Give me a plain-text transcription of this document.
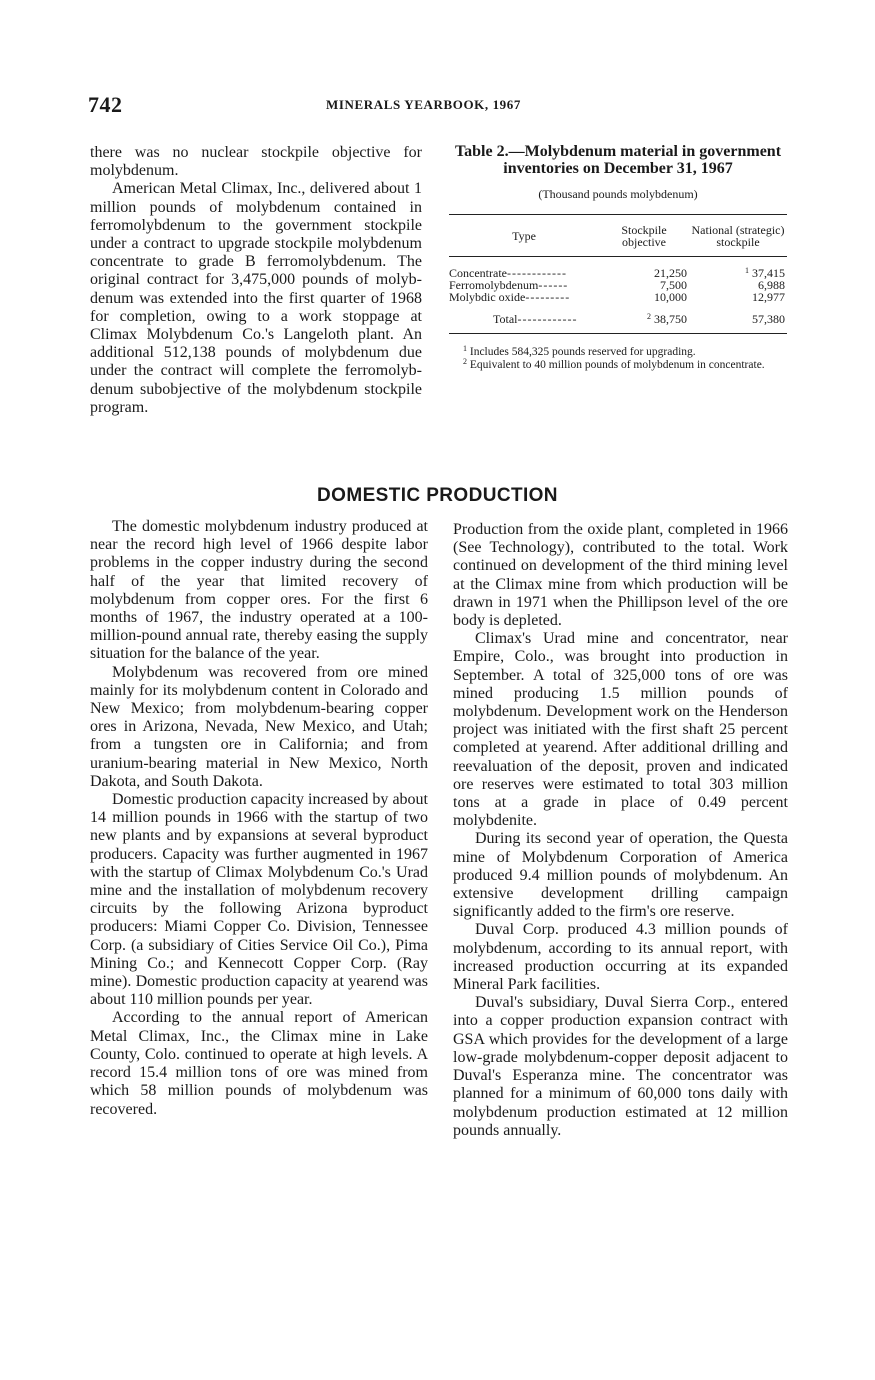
742	MINERALS YEARBOOK, 1967

there was no nuclear stockpile objective for molybdenum.

American Metal Climax, Inc., delivered about 1 million pounds of molybdenum contained in ferromolybdenum to the government stockpile under a contract to upgrade stockpile molybdenum concentrate to grade B ferromolybdenum. The original contract for 3,475,000 pounds of molybdenum was extended into the first quarter of 1968 for completion, owing to a work stoppage at Climax Molybdenum Co.'s Langeloth plant. An additional 512,138 pounds of molybdenum due under the contract will complete the ferromolybdenum subobjective of the molybdenum stockpile program.

Table 2.—Molybdenum material in government inventories on December 31, 1967
(Thousand pounds molybdenum)
Type	Stockpile objective	National (strategic) stockpile
Concentrate------------	21,250	$^1$ 37,415
Ferromolybdenum------	7,500	6,988
Molybdic oxide---------	10,000	12,977
Total------------	$^2$ 38,750	57,380

$^1$ Includes 584,325 pounds reserved for upgrading.

$^2$ Equivalent to 40 million pounds of molybdenum in concentrate.

DOMESTIC PRODUCTION

The domestic molybdenum industry produced at near the record high level of 1966 despite labor problems in the copper industry during the second half of the year that limited recovery of molybdenum from copper ores. For the first 6 months of 1967, the industry operated at a 100-million-pound annual rate, thereby easing the supply situation for the balance of the year.

Molybdenum was recovered from ore mined mainly for its molybdenum content in Colorado and New Mexico; from molybdenum-bearing copper ores in Arizona, Nevada, New Mexico, and Utah; from a tungsten ore in California; and from uranium-bearing material in New Mexico, North Dakota, and South Dakota.

Domestic production capacity increased by about 14 million pounds in 1966 with the startup of two new plants and by expansions at several byproduct producers. Capacity was further augmented in 1967 with the startup of Climax Molybdenum Co.'s Urad mine and the installation of molybdenum recovery circuits by the following Arizona byproduct producers: Miami Copper Co. Division, Tennessee Corp. (a subsidiary of Cities Service Oil Co.), Pima Mining Co.; and Kennecott Copper Corp. (Ray mine). Domestic production capacity at yearend was about 110 million pounds per year.

According to the annual report of American Metal Climax, Inc., the Climax mine in Lake County, Colo. continued to operate at high levels. A record 15.4 million tons of ore was mined from which 58 million pounds of molybdenum was recovered.

Production from the oxide plant, completed in 1966 (See Technology), contributed to the total. Work continued on development of the third mining level at the Climax mine from which production will be drawn in 1971 when the Phillipson level of the ore body is depleted.

Climax's Urad mine and concentrator, near Empire, Colo., was brought into production in September. A total of 325,000 tons of ore was mined producing 1.5 million pounds of molybdenum. Development work on the Henderson project was initiated with the first shaft 25 percent completed at yearend. After additional drilling and reevaluation of the deposit, proven and indicated ore reserves were estimated to total 303 million tons at a grade in place of 0.49 percent molybdenite.

During its second year of operation, the Questa mine of Molybdenum Corporation of America produced 9.4 million pounds of molybdenum. An extensive development drilling campaign significantly added to the firm's ore reserve.

Duval Corp. produced 4.3 million pounds of molybdenum, according to its annual report, with increased production occurring at its expanded Mineral Park facilities.

Duval's subsidiary, Duval Sierra Corp., entered into a copper production expansion contract with GSA which provides for the development of a large low-grade molybdenum-copper deposit adjacent to Duval's Esperanza mine. The concentrator was planned for a minimum of 60,000 tons daily with molybdenum production estimated at 12 million pounds annually.
